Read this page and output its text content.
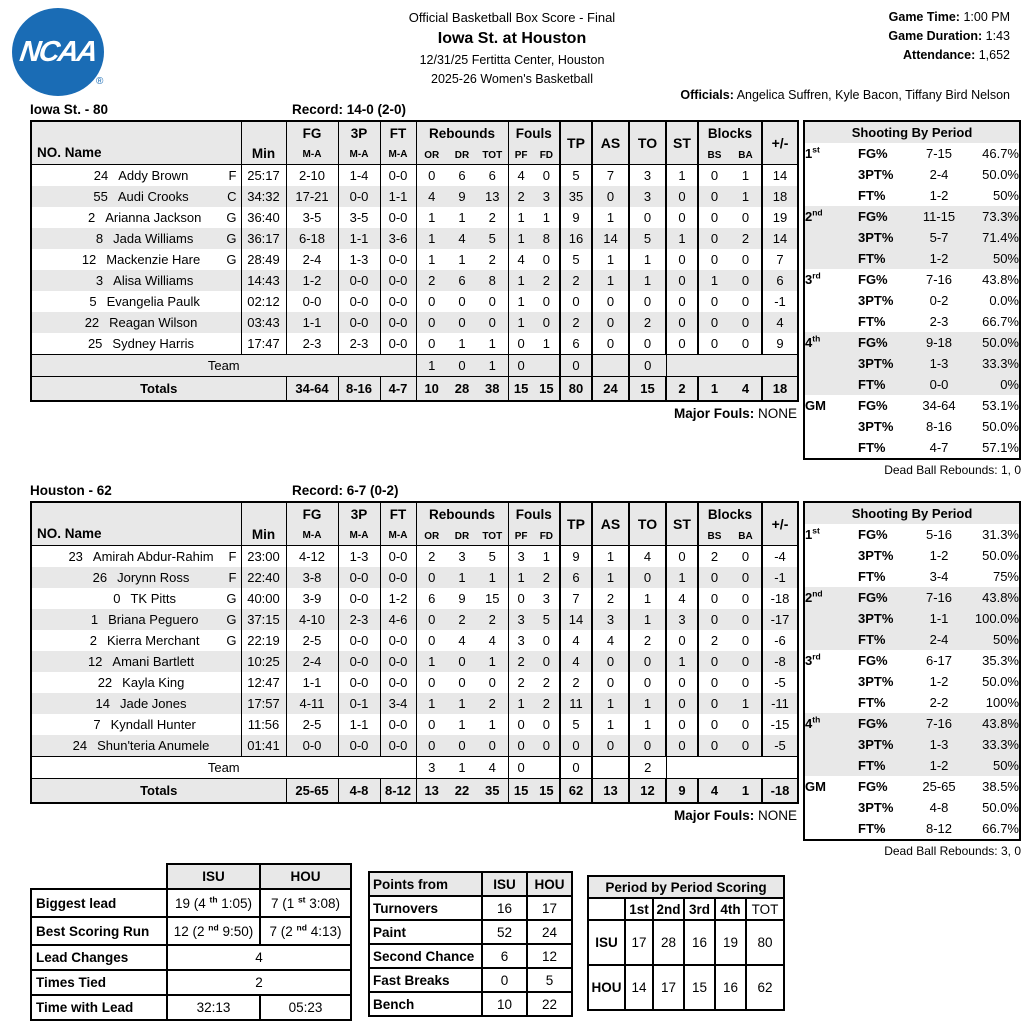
NCAA
®
Official Basketball Box Score - Final
Iowa St. at Houston
12/31/25 Fertitta Center, Houston
2025-26 Women's Basketball
Game Time: 1:00 PM
Game Duration: 1:43
Attendance: 1,652
Officials: Angelica Suffren, Kyle Bacon, Tiffany Bird Nelson
Iowa St. - 80	Record: 14-0 (2-0)
NO. Name	Min	FG	3P	FT	Rebounds	Fouls	TP	AS	TO	ST	Blocks	+/-
		M-A	M-A	M-A	OR DR TOT	PF FD					BS BA	
24 Addy Brown F	25:17	2-10	1-4	0-0	0 6 6	4 0	5	7	3	1	0 1	14
55 Audi Crooks C	34:32	17-21	0-0	1-1	4 9 13	2 3	35	0	3	0	0 1	18
2 Arianna Jackson G	36:40	3-5	3-5	0-0	1 1 2	1 1	9	1	0	0	0 0	19
8 Jada Williams G	36:17	6-18	1-1	3-6	1 4 5	1 8	16	14	5	1	0 2	14
12 Mackenzie Hare G	28:49	2-4	1-3	0-0	1 1 2	4 0	5	1	1	0	0 0	7
3 Alisa Williams	14:43	1-2	0-0	0-0	2 6 8	1 2	2	1	1	0	1 0	6
5 Evangelia Paulk	02:12	0-0	0-0	0-0	0 0 0	1 0	0	0	0	0	0 0	-1
22 Reagan Wilson	03:43	1-1	0-0	0-0	0 0 0	1 0	2	0	2	0	0 0	4
25 Sydney Harris	17:47	2-3	2-3	0-0	0 1 1	0 1	6	0	0	0	0 0	9
Team					1 0 1	0	0		0			
Totals		34-64	8-16	4-7	10 28 38	15 15	80	24	15	2	1 4	18
Major Fouls: NONE
Shooting By Period			
1st	FG%	7-15	46.7%
	3PT%	2-4	50.0%
	FT%	1-2	50%
2nd	FG%	11-15	73.3%
	3PT%	5-7	71.4%
	FT%	1-2	50%
3rd	FG%	7-16	43.8%
	3PT%	0-2	0.0%
	FT%	2-3	66.7%
4th	FG%	9-18	50.0%
	3PT%	1-3	33.3%
	FT%	0-0	0%
GM	FG%	34-64	53.1%
	3PT%	8-16	50.0%
	FT%	4-7	57.1%
Dead Ball Rebounds: 1, 0
Houston - 62	Record: 6-7 (0-2)
NO. Name	Min	FG	3P	FT	Rebounds	Fouls	TP	AS	TO	ST	Blocks	+/-
		M-A	M-A	M-A	OR DR TOT	PF FD					BS BA	
23 Amirah Abdur-Rahim F	23:00	4-12	1-3	0-0	2 3 5	3 1	9	1	4	0	2 0	-4
26 Jorynn Ross F	22:40	3-8	0-0	0-0	0 1 1	1 2	6	1	0	1	0 0	-1
0 TK Pitts G	40:00	3-9	0-0	1-2	6 9 15	0 3	7	2	1	4	0 0	-18
1 Briana Peguero G	37:15	4-10	2-3	4-6	0 2 2	3 5	14	3	1	3	0 0	-17
2 Kierra Merchant G	22:19	2-5	0-0	0-0	0 4 4	3 0	4	4	2	0	2 0	-6
12 Amani Bartlett	10:25	2-4	0-0	0-0	1 0 1	2 0	4	0	0	1	0 0	-8
22 Kayla King	12:47	1-1	0-0	0-0	0 0 0	2 2	2	0	0	0	0 0	-5
14 Jade Jones	17:57	4-11	0-1	3-4	1 1 2	1 2	11	1	1	0	0 1	-11
7 Kyndall Hunter	11:56	2-5	1-1	0-0	0 1 1	0 0	5	1	1	0	0 0	-15
24 Shun'teria Anumele	01:41	0-0	0-0	0-0	0 0 0	0 0	0	0	0	0	0 0	-5
Team					3 1 4	0	0		2			
Totals		25-65	4-8	8-12	13 22 35	15 15	62	13	12	9	4 1	-18
Major Fouls: NONE
Shooting By Period			
1st	FG%	5-16	31.3%
	3PT%	1-2	50.0%
	FT%	3-4	75%
2nd	FG%	7-16	43.8%
	3PT%	1-1	100.0%
	FT%	2-4	50%
3rd	FG%	6-17	35.3%
	3PT%	1-2	50.0%
	FT%	2-2	100%
4th	FG%	7-16	43.8%
	3PT%	1-3	33.3%
	FT%	1-2	50%
GM	FG%	25-65	38.5%
	3PT%	4-8	50.0%
	FT%	8-12	66.7%
Dead Ball Rebounds: 3, 0
	ISU	HOU
Biggest lead	19 (4 $^{th}$ 1:05)	7 (1 $^{st}$ 3:08)
Best Scoring Run	12 (2 $^{nd}$ 9:50)	7 (2 $^{nd}$ 4:13)
Lead Changes	4	
Times Tied	2	
Time with Lead	32:13	05:23
Points from	ISU	HOU
Turnovers	16	17
Paint	52	24
Second Chance	6	12
Fast Breaks	0	5
Bench	10	22
Period by Period Scoring					
	1st	2nd	3rd	4th	TOT
ISU	17	28	16	19	80
HOU	14	17	15	16	62
